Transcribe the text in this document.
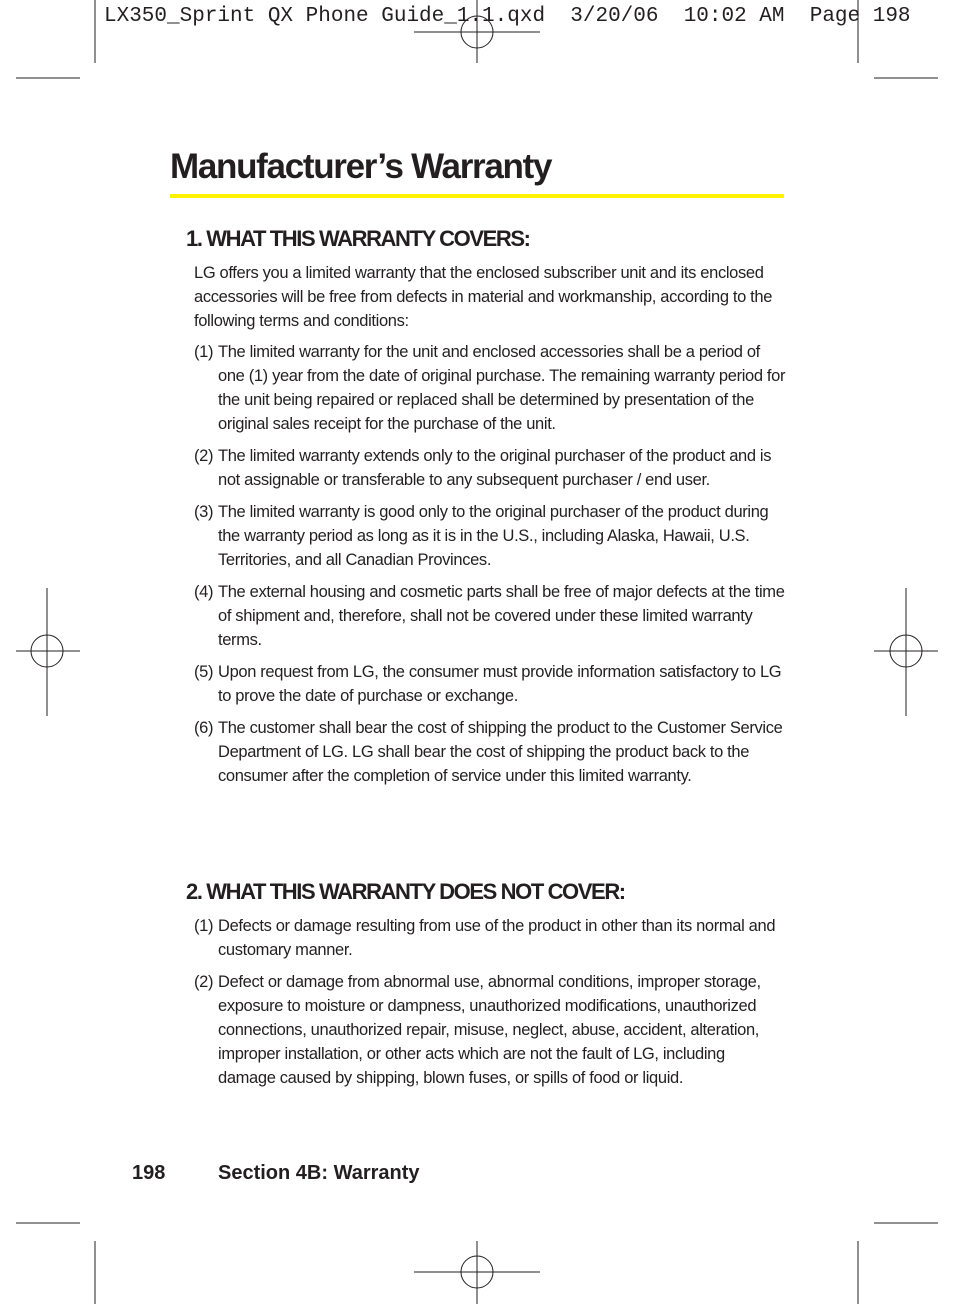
LX350_Sprint QX Phone Guide_1.1.qxd  3/20/06  10:02 AM  Page 198
Manufacturer’s Warranty
1. WHAT THIS WARRANTY COVERS:

LG offers you a limited warranty that the enclosed subscriber unit and its enclosed accessories will be free from defects in material and workmanship, according to the following terms and conditions:

(1) The limited warranty for the unit and enclosed accessories shall be a period of one (1) year from the date of original purchase. The remaining warranty period for the unit being repaired or replaced shall be determined by presentation of the original sales receipt for the purchase of the unit.
(2) The limited warranty extends only to the original purchaser of the product and is not assignable or transferable to any subsequent purchaser / end user.
(3) The limited warranty is good only to the original purchaser of the product during the warranty period as long as it is in the U.S., including Alaska, Hawaii, U.S. Territories, and all Canadian Provinces.
(4) The external housing and cosmetic parts shall be free of major defects at the time of shipment and, therefore, shall not be covered under these limited warranty terms.
(5) Upon request from LG, the consumer must provide information satisfactory to LG to prove the date of purchase or exchange.
(6) The customer shall bear the cost of shipping the product to the Customer Service Department of LG. LG shall bear the cost of shipping the product back to the consumer after the completion of service under this limited warranty.
2. WHAT THIS WARRANTY DOES NOT COVER:
(1) Defects or damage resulting from use of the product in other than its normal and customary manner.
(2) Defect or damage from abnormal use, abnormal conditions, improper storage, exposure to moisture or dampness, unauthorized modifications, unauthorized connections, unauthorized repair, misuse, neglect, abuse, accident, alteration, improper installation, or other acts which are not the fault of LG, including damage caused by shipping, blown fuses, or spills of food or liquid.
198	Section 4B: Warranty
